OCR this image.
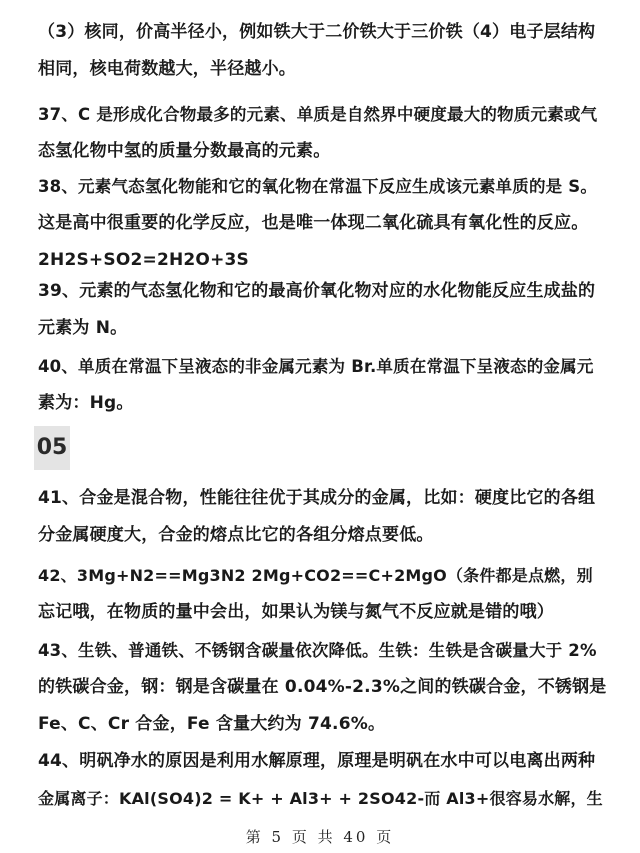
（3）核同，价高半径小，例如铁大于二价铁大于三价铁（4）电子层结构
相同，核电荷数越大，半径越小。
37、C 是形成化合物最多的元素、单质是自然界中硬度最大的物质元素或气
态氢化物中氢的质量分数最高的元素。
38、元素气态氢化物能和它的氧化物在常温下反应生成该元素单质的是 S。
这是高中很重要的化学反应，也是唯一体现二氧化硫具有氧化性的反应。
2H2S+SO2=2H2O+3S
39、元素的气态氢化物和它的最高价氧化物对应的水化物能反应生成盐的
元素为 N。
40、单质在常温下呈液态的非金属元素为 Br.单质在常温下呈液态的金属元
素为：Hg。
05
41、合金是混合物，性能往往优于其成分的金属，比如：硬度比它的各组
分金属硬度大，合金的熔点比它的各组分熔点要低。
42、3Mg+N2==Mg3N2 2Mg+CO2==C+2MgO（条件都是点燃，别
忘记哦，在物质的量中会出，如果认为镁与氮气不反应就是错的哦）
43、生铁、普通铁、不锈钢含碳量依次降低。生铁：生铁是含碳量大于 2%
的铁碳合金，钢：钢是含碳量在 0.04%-2.3%之间的铁碳合金，不锈钢是
Fe、C、Cr 合金，Fe 含量大约为 74.6%。
44、明矾净水的原因是利用水解原理，原理是明矾在水中可以电离出两种
金属离子：KAl(SO4)2 = K+ + Al3+ + 2SO42-而 Al3+很容易水解，生
第 5 页 共 40 页
